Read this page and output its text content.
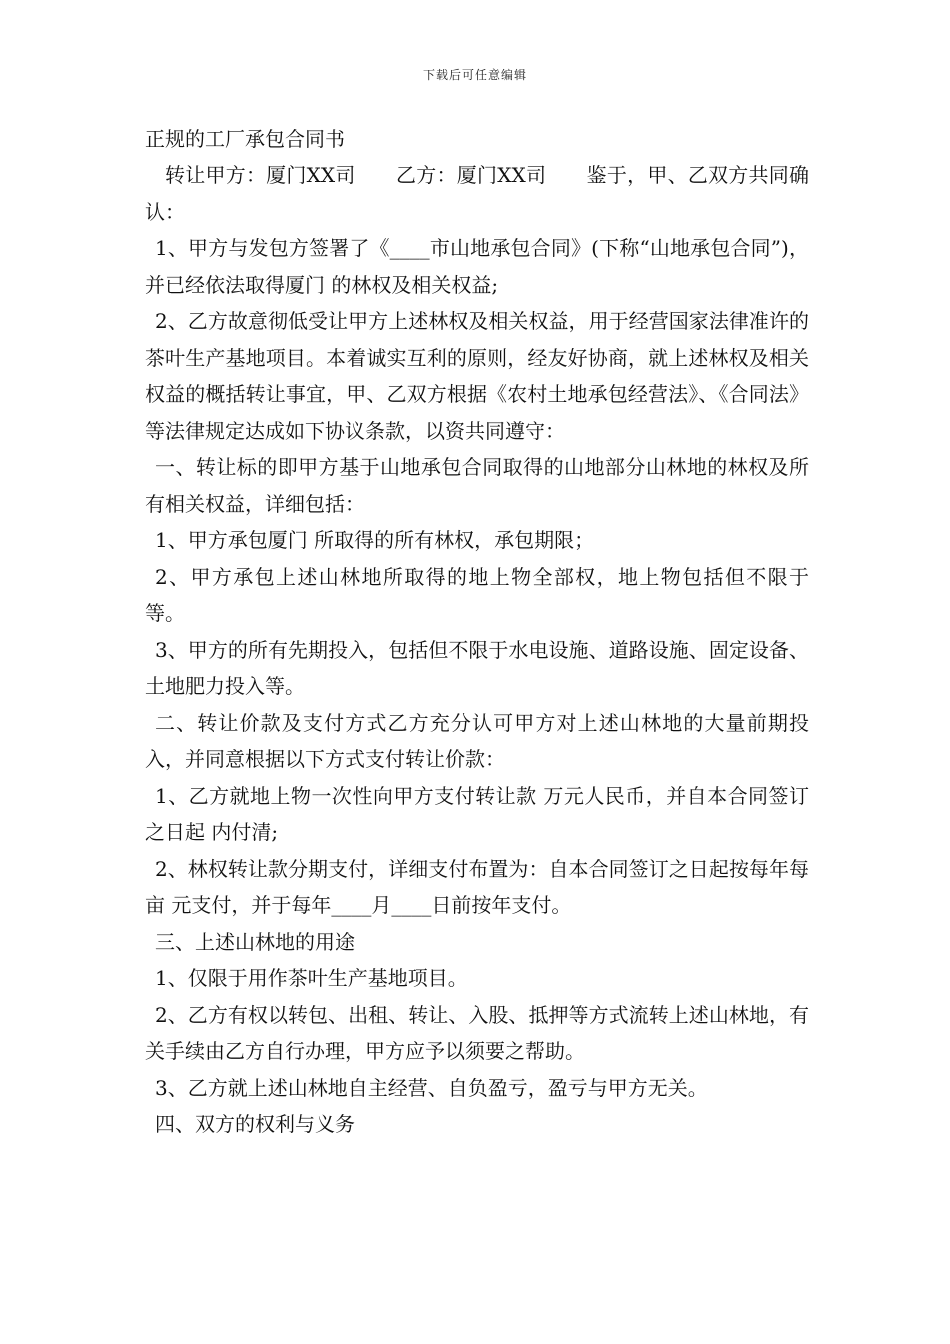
下载后可任意编辑
正规的工厂承包合同书

转让甲方：厦门XX司　　乙方：厦门XX司　　鉴于，甲、乙双方共同确认：

1、甲方与发包方签署了《____市山地承包合同》(下称“山地承包合同”)，并已经依法取得厦门 的林权及相关权益;

2、乙方故意彻低受让甲方上述林权及相关权益，用于经营国家法律准许的茶叶生产基地项目。本着诚实互利的原则，经友好协商，就上述林权及相关权益的概括转让事宜，甲、乙双方根据《农村土地承包经营法》、《合同法》等法律规定达成如下协议条款，以资共同遵守：

一、转让标的即甲方基于山地承包合同取得的山地部分山林地的林权及所有相关权益，详细包括：

1、甲方承包厦门 所取得的所有林权，承包期限；

2、甲方承包上述山林地所取得的地上物全部权，地上物包括但不限于 等。

3、甲方的所有先期投入，包括但不限于水电设施、道路设施、固定设备、土地肥力投入等。

二、转让价款及支付方式乙方充分认可甲方对上述山林地的大量前期投入，并同意根据以下方式支付转让价款：

1、乙方就地上物一次性向甲方支付转让款 万元人民币，并自本合同签订之日起 内付清;

2、林权转让款分期支付，详细支付布置为：自本合同签订之日起按每年每亩 元支付，并于每年____月____日前按年支付。

三、上述山林地的用途

1、仅限于用作茶叶生产基地项目。

2、乙方有权以转包、出租、转让、入股、抵押等方式流转上述山林地，有关手续由乙方自行办理，甲方应予以须要之帮助。

3、乙方就上述山林地自主经营、自负盈亏，盈亏与甲方无关。

四、双方的权利与义务
